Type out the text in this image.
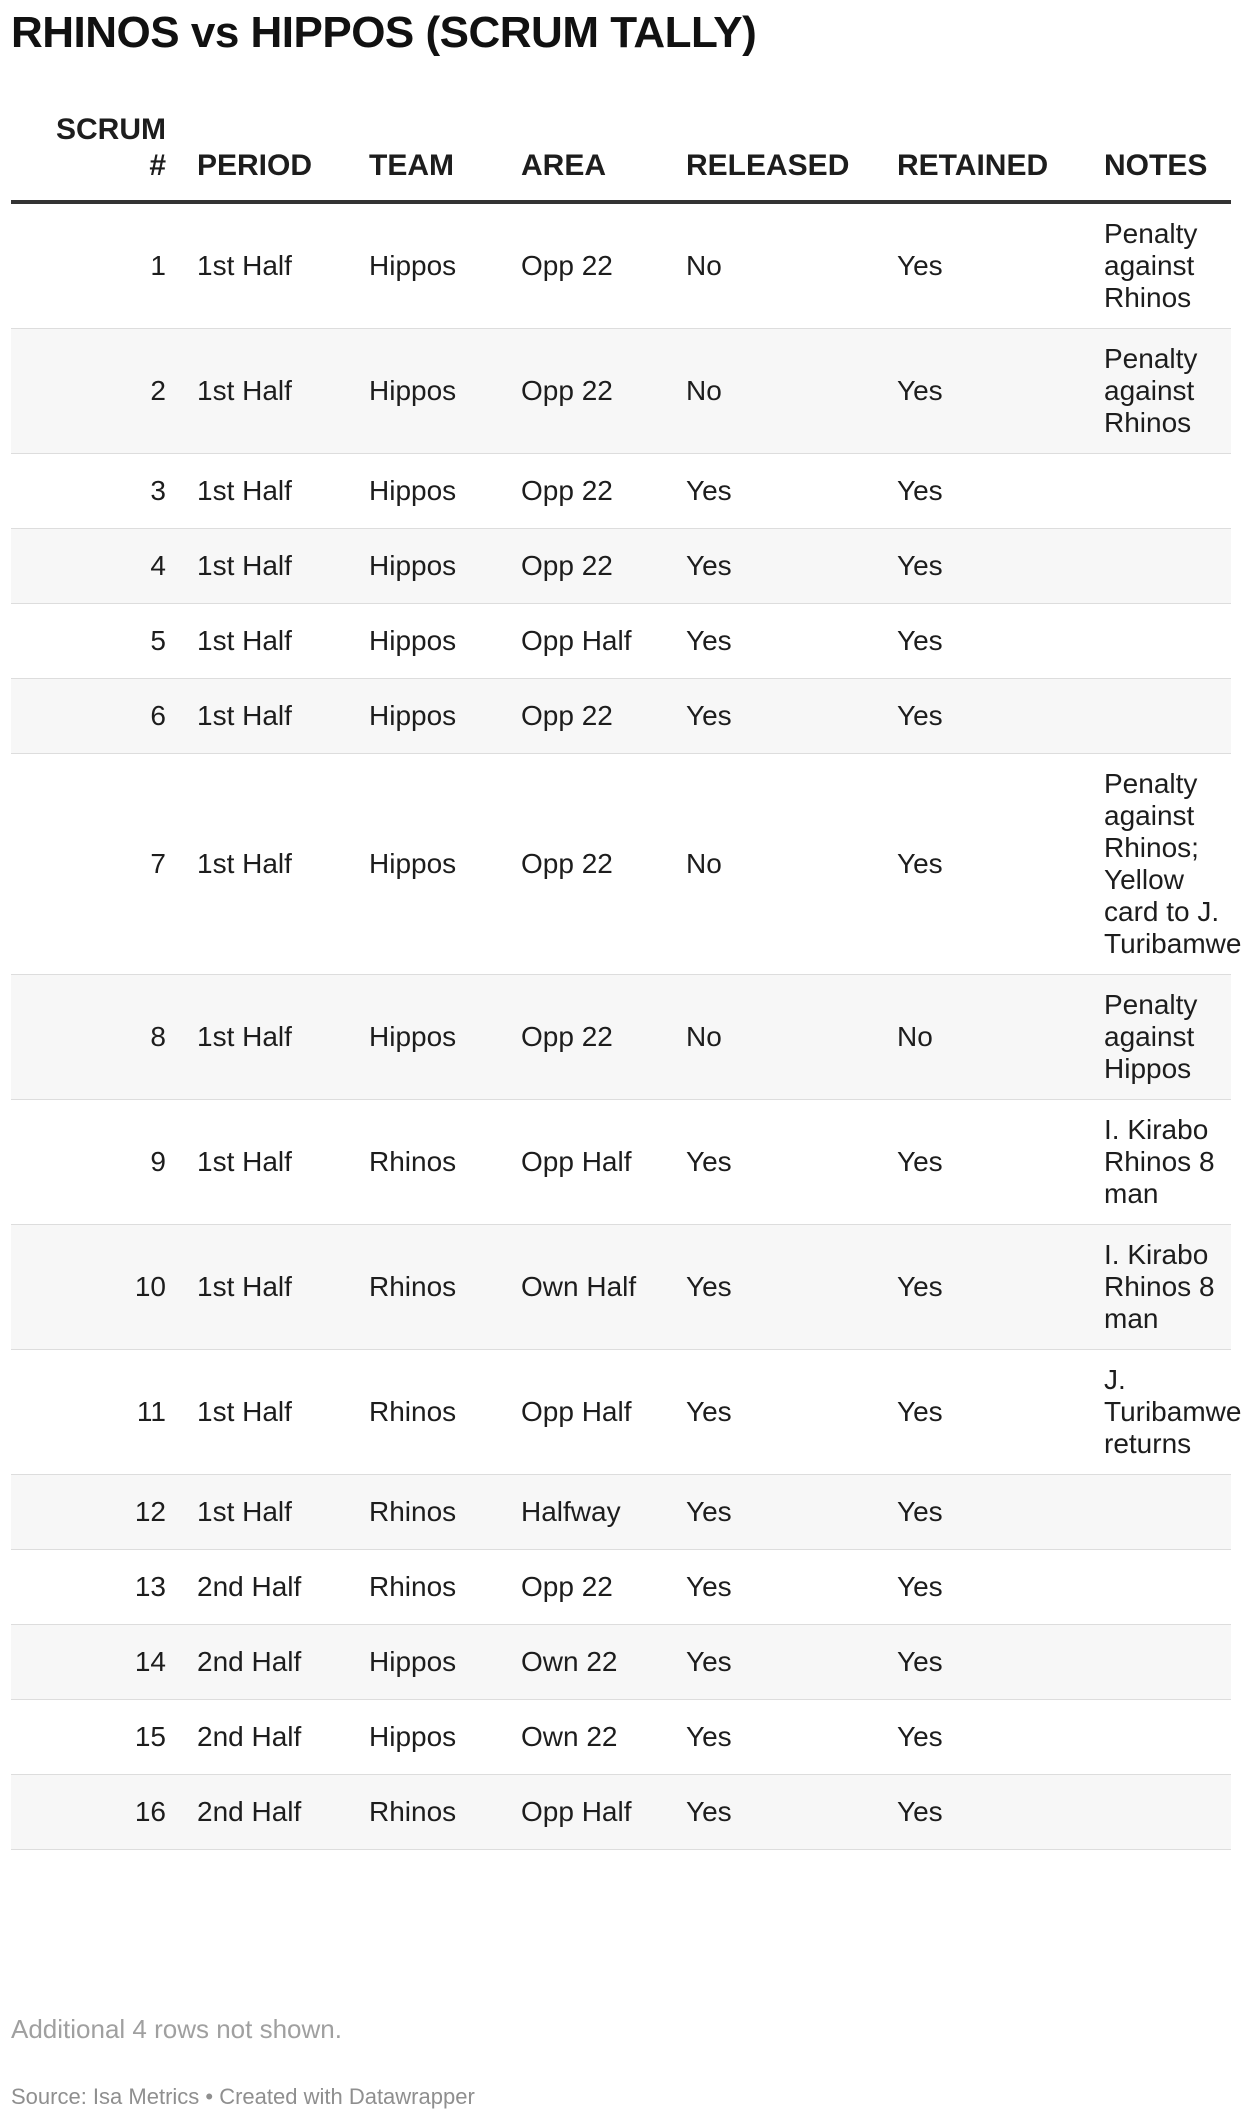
RHINOS vs HIPPOS (SCRUM TALLY)
SCRUM #	PERIOD	TEAM	AREA	RELEASED	RETAINED	NOTES
1	1st Half	Hippos	Opp 22	No	Yes	Penalty against Rhinos
2	1st Half	Hippos	Opp 22	No	Yes	Penalty against Rhinos
3	1st Half	Hippos	Opp 22	Yes	Yes	
4	1st Half	Hippos	Opp 22	Yes	Yes	
5	1st Half	Hippos	Opp Half	Yes	Yes	
6	1st Half	Hippos	Opp 22	Yes	Yes	
7	1st Half	Hippos	Opp 22	No	Yes	Penalty against Rhinos; Yellow card to J. Turibamwe
8	1st Half	Hippos	Opp 22	No	No	Penalty against Hippos
9	1st Half	Rhinos	Opp Half	Yes	Yes	I. Kirabo Rhinos 8 man
10	1st Half	Rhinos	Own Half	Yes	Yes	I. Kirabo Rhinos 8 man
11	1st Half	Rhinos	Opp Half	Yes	Yes	J. Turibamwe returns
12	1st Half	Rhinos	Halfway	Yes	Yes	
13	2nd Half	Rhinos	Opp 22	Yes	Yes	
14	2nd Half	Hippos	Own 22	Yes	Yes	
15	2nd Half	Hippos	Own 22	Yes	Yes	
16	2nd Half	Rhinos	Opp Half	Yes	Yes	
Additional 4 rows not shown.
Source: Isa Metrics • Created with Datawrapper
